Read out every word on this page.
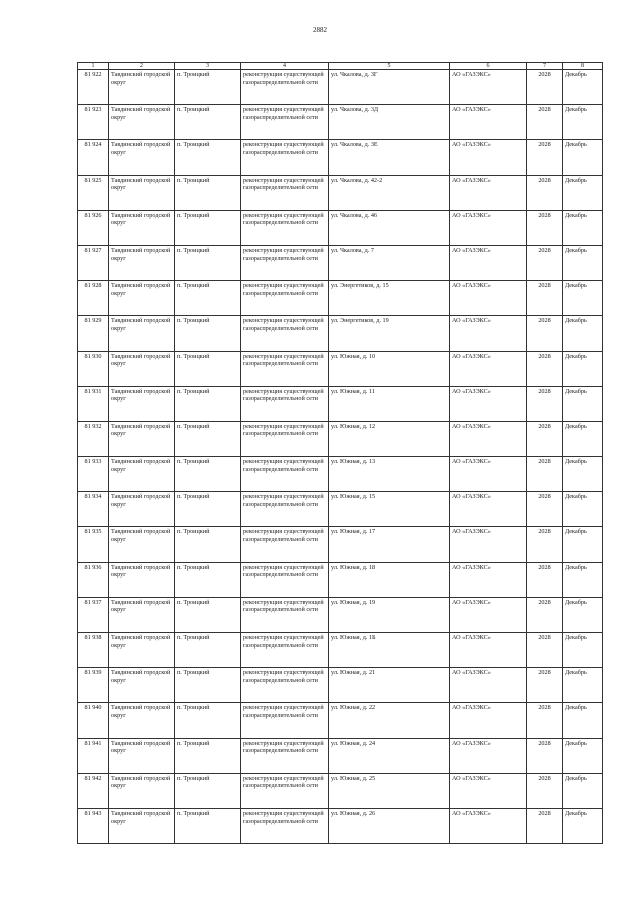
2882
1	2	3	4	5	6	7	8
81 922	Тавдинский городской округ	п. Троицкий	реконструкция существующей газораспределительной сети	ул. Чкалова, д. 3Г	АО «ГАЗЭКС»	2028	Декабрь
81 923	Тавдинский городской округ	п. Троицкий	реконструкция существующей газораспределительной сети	ул. Чкалова, д. 3Д	АО «ГАЗЭКС»	2028	Декабрь
81 924	Тавдинский городской округ	п. Троицкий	реконструкция существующей газораспределительной сети	ул. Чкалова, д. 3Е	АО «ГАЗЭКС»	2028	Декабрь
81 925	Тавдинский городской округ	п. Троицкий	реконструкция существующей газораспределительной сети	ул. Чкалова, д. 42-2	АО «ГАЗЭКС»	2028	Декабрь
81 926	Тавдинский городской округ	п. Троицкий	реконструкция существующей газораспределительной сети	ул. Чкалова, д. 46	АО «ГАЗЭКС»	2028	Декабрь
81 927	Тавдинский городской округ	п. Троицкий	реконструкция существующей газораспределительной сети	ул. Чкалова, д. 7	АО «ГАЗЭКС»	2028	Декабрь
81 928	Тавдинский городской округ	п. Троицкий	реконструкция существующей газораспределительной сети	ул. Энергетиков, д. 15	АО «ГАЗЭКС»	2028	Декабрь
81 929	Тавдинский городской округ	п. Троицкий	реконструкция существующей газораспределительной сети	ул. Энергетиков, д. 19	АО «ГАЗЭКС»	2028	Декабрь
81 930	Тавдинский городской округ	п. Троицкий	реконструкция существующей газораспределительной сети	ул. Южная, д. 10	АО «ГАЗЭКС»	2028	Декабрь
81 931	Тавдинский городской округ	п. Троицкий	реконструкция существующей газораспределительной сети	ул. Южная, д. 11	АО «ГАЗЭКС»	2028	Декабрь
81 932	Тавдинский городской округ	п. Троицкий	реконструкция существующей газораспределительной сети	ул. Южная, д. 12	АО «ГАЗЭКС»	2028	Декабрь
81 933	Тавдинский городской округ	п. Троицкий	реконструкция существующей газораспределительной сети	ул. Южная, д. 13	АО «ГАЗЭКС»	2028	Декабрь
81 934	Тавдинский городской округ	п. Троицкий	реконструкция существующей газораспределительной сети	ул. Южная, д. 15	АО «ГАЗЭКС»	2028	Декабрь
81 935	Тавдинский городской округ	п. Троицкий	реконструкция существующей газораспределительной сети	ул. Южная, д. 17	АО «ГАЗЭКС»	2028	Декабрь
81 936	Тавдинский городской округ	п. Троицкий	реконструкция существующей газораспределительной сети	ул. Южная, д. 18	АО «ГАЗЭКС»	2028	Декабрь
81 937	Тавдинский городской округ	п. Троицкий	реконструкция существующей газораспределительной сети	ул. Южная, д. 19	АО «ГАЗЭКС»	2028	Декабрь
81 938	Тавдинский городской округ	п. Троицкий	реконструкция существующей газораспределительной сети	ул. Южная, д. 1Б	АО «ГАЗЭКС»	2028	Декабрь
81 939	Тавдинский городской округ	п. Троицкий	реконструкция существующей газораспределительной сети	ул. Южная, д. 21	АО «ГАЗЭКС»	2028	Декабрь
81 940	Тавдинский городской округ	п. Троицкий	реконструкция существующей газораспределительной сети	ул. Южная, д. 22	АО «ГАЗЭКС»	2028	Декабрь
81 941	Тавдинский городской округ	п. Троицкий	реконструкция существующей газораспределительной сети	ул. Южная, д. 24	АО «ГАЗЭКС»	2028	Декабрь
81 942	Тавдинский городской округ	п. Троицкий	реконструкция существующей газораспределительной сети	ул. Южная, д. 25	АО «ГАЗЭКС»	2028	Декабрь
81 943	Тавдинский городской округ	п. Троицкий	реконструкция существующей газораспределительной сети	ул. Южная, д. 26	АО «ГАЗЭКС»	2028	Декабрь
